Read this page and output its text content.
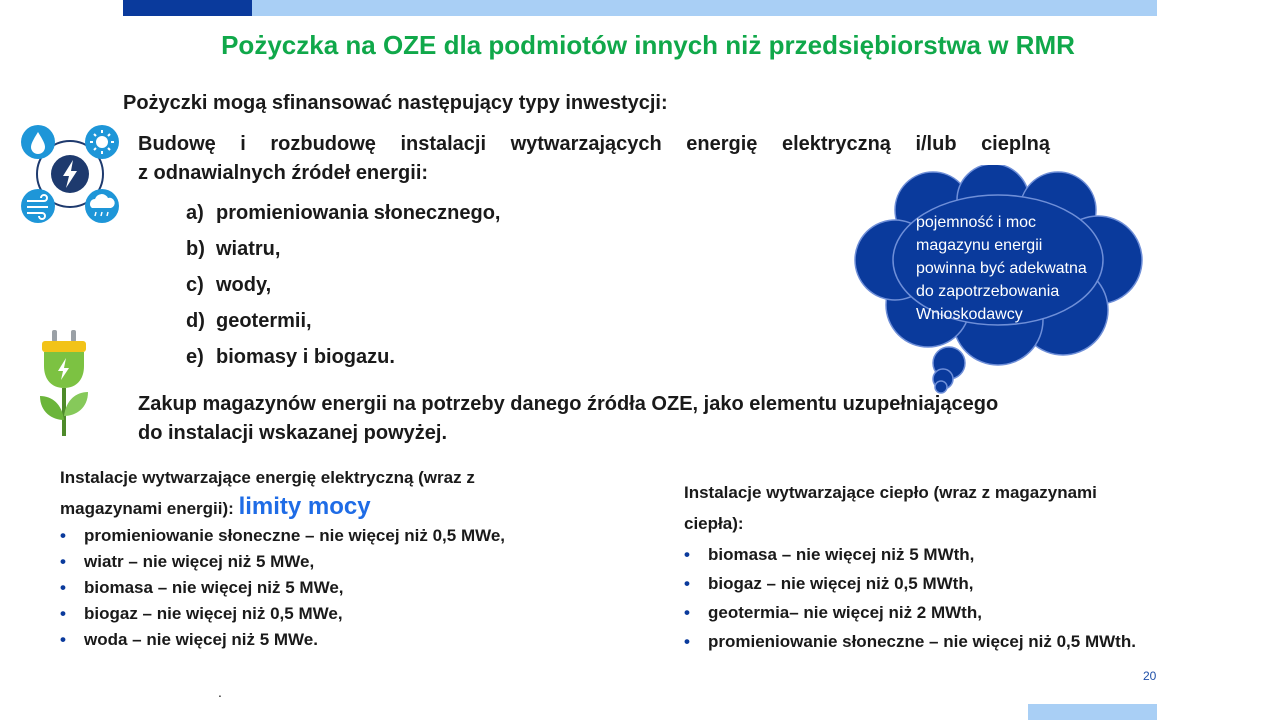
Pożyczka na OZE dla podmiotów innych niż przedsiębiorstwa w RMR
Pożyczki mogą sfinansować następujący typy inwestycji:
Budowę i rozbudowę instalacji wytwarzających energię elektryczną i/lub cieplną
z odnawialnych źródeł energii:
a) promieniowania słonecznego,
b) wiatru,
c) wody,
d) geotermii,
e) biomasy i biogazu.
Zakup magazynów energii na potrzeby danego źródła OZE, jako elementu uzupełniającego
do instalacji wskazanej powyżej.
pojemność i moc
magazynu energii
powinna być adekwatna
do zapotrzebowania
Wnioskodawcy
Instalacje wytwarzające energię elektryczną (wraz z
magazynami energii): limity mocy
• promieniowanie słoneczne – nie więcej niż 0,5 MWe,
• wiatr – nie więcej niż 5 MWe,
• biomasa – nie więcej niż 5 MWe,
• biogaz – nie więcej niż 0,5 MWe,
• woda – nie więcej niż 5 MWe.
Instalacje wytwarzające ciepło (wraz z magazynami
ciepła):
• biomasa – nie więcej niż 5 MWth,
• biogaz – nie więcej niż 0,5 MWth,
• geotermia– nie więcej niż 2 MWth,
• promieniowanie słoneczne – nie więcej niż 0,5 MWth.
20
.
